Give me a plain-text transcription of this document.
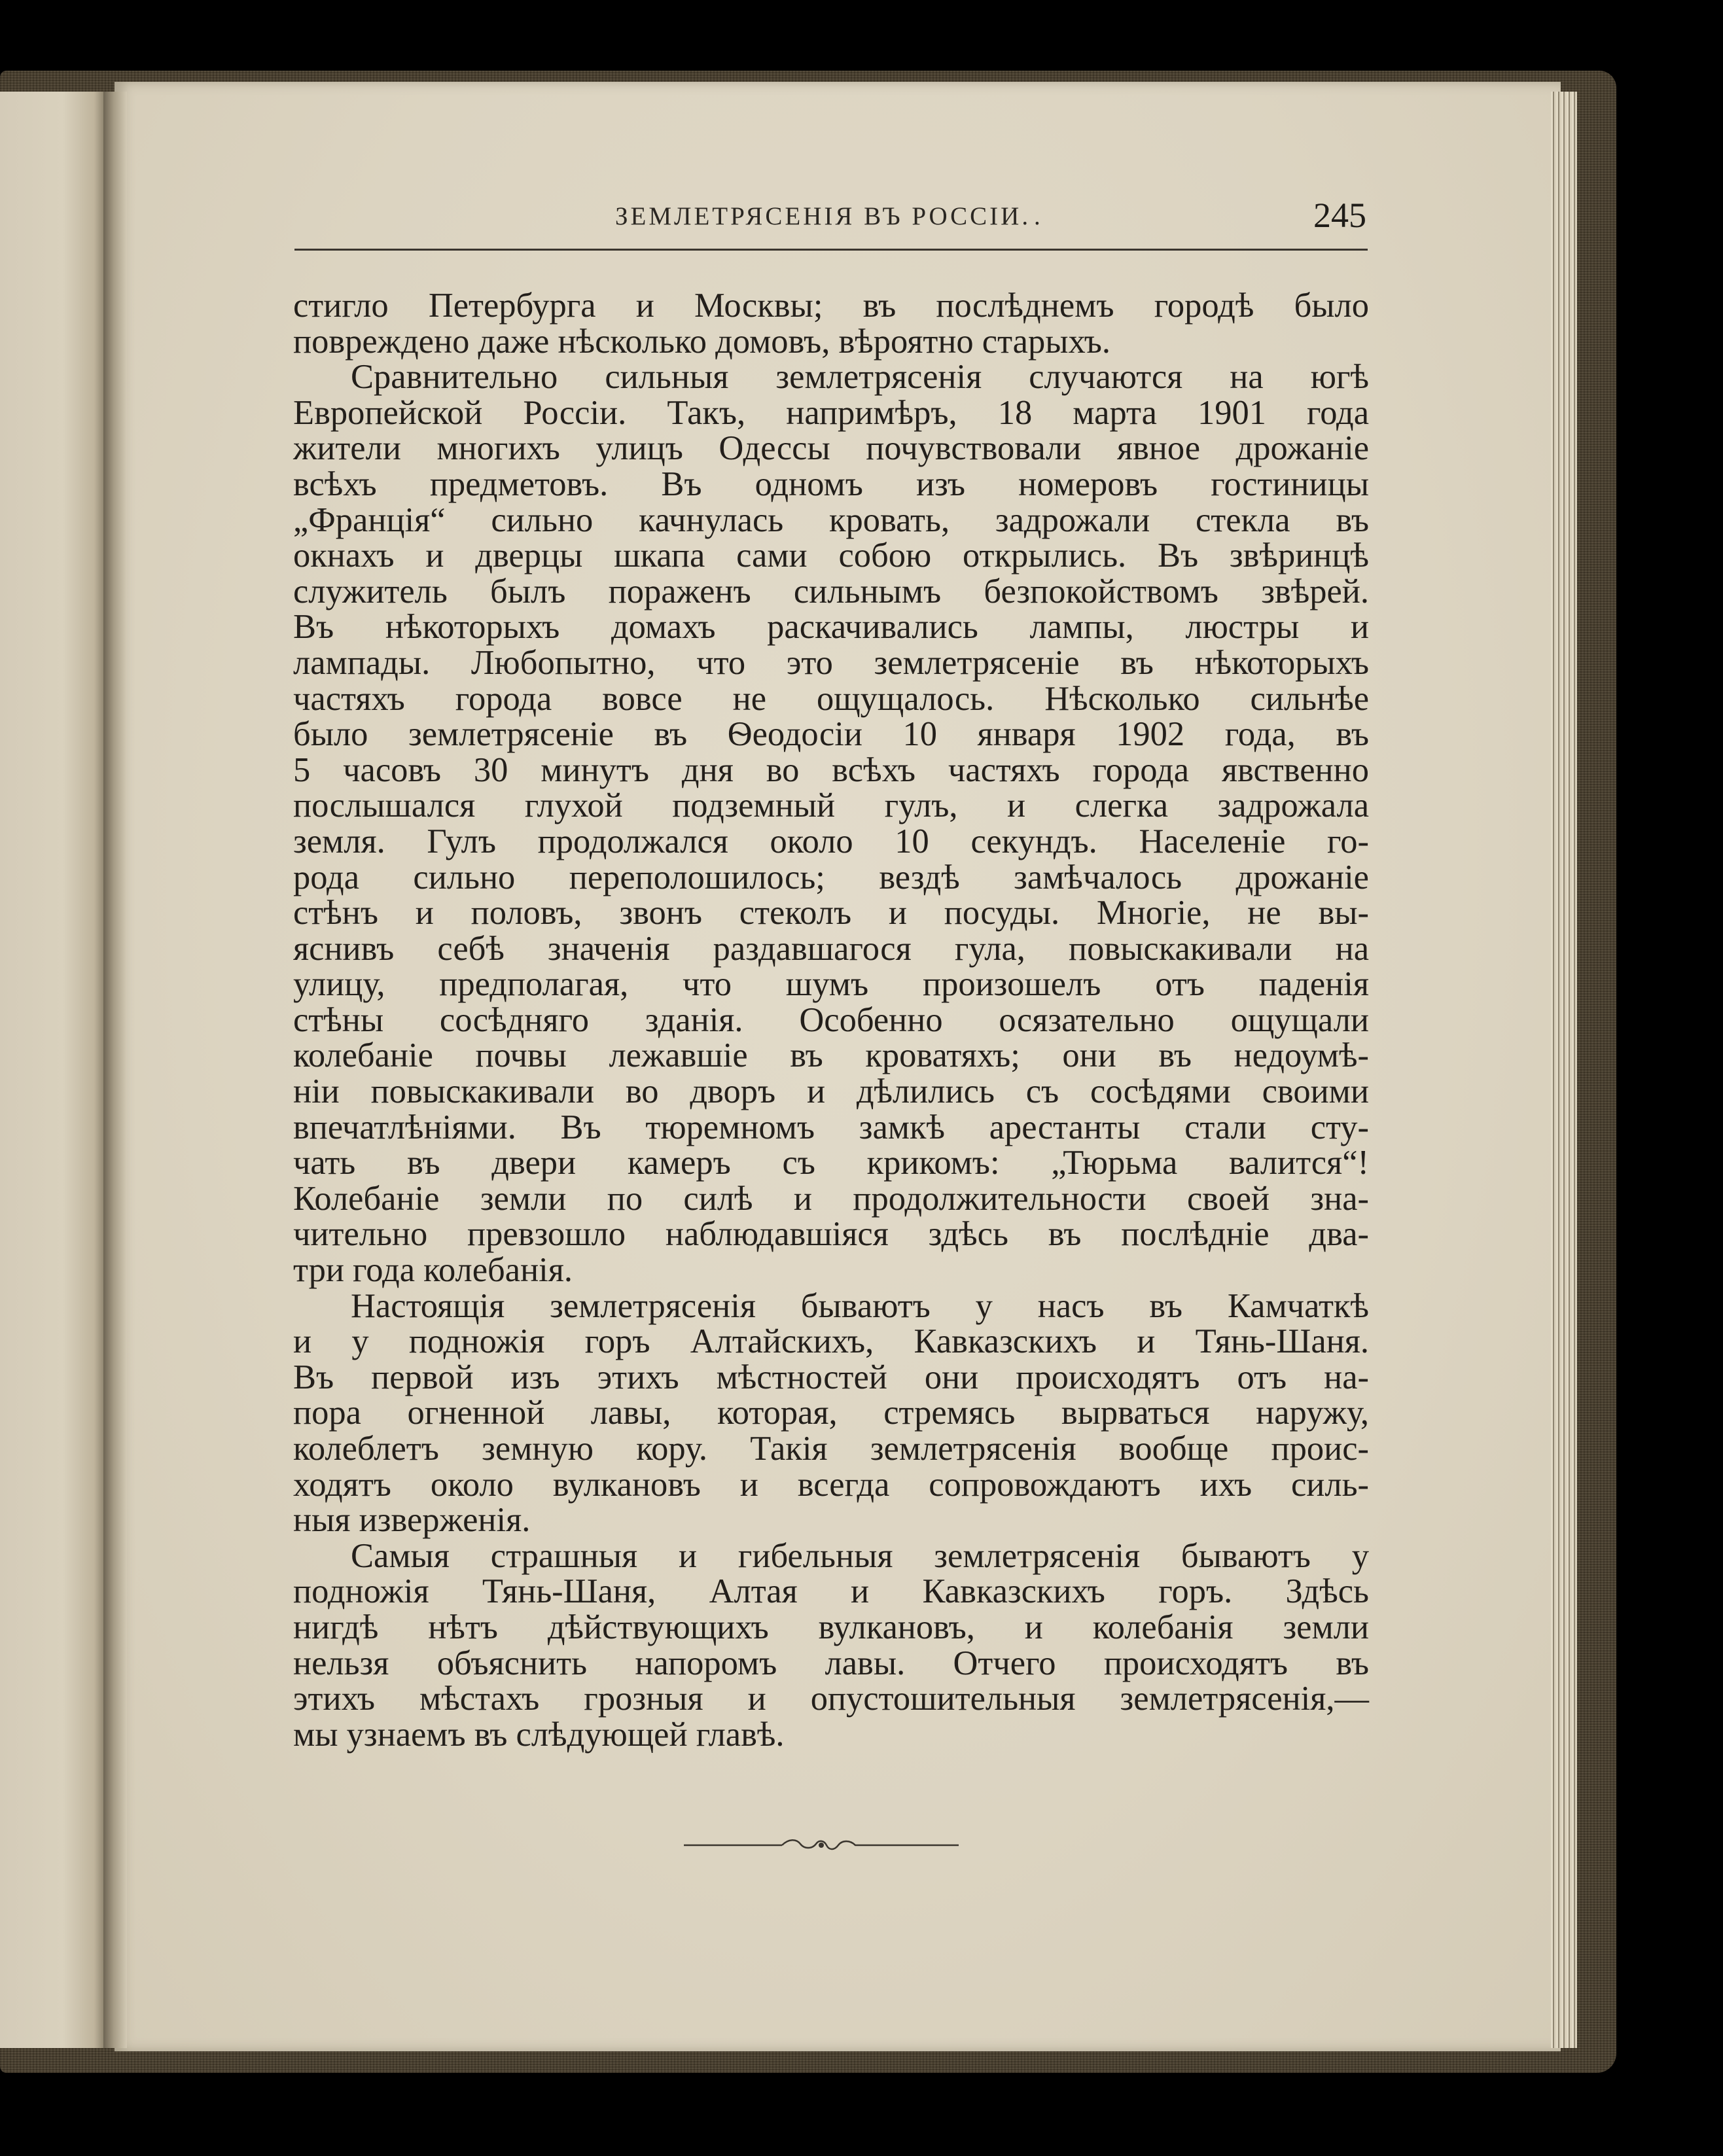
ЗЕМЛЕТРЯСЕНІЯ ВЪ РОССІИ. .	245
стигло Петербурга и Москвы; въ послѣднемъ городѣ было
повреждено даже нѣсколько домовъ, вѣроятно старыхъ.
Сравнительно сильныя землетрясенія случаются на югѣ
Европейской Россіи. Такъ, напримѣръ, 18 марта 1901 года
жители многихъ улицъ Одессы почувствовали явное дрожаніе
всѣхъ предметовъ. Въ одномъ изъ номеровъ гостиницы
„Франція“ сильно качнулась кровать, задрожали стекла въ
окнахъ и дверцы шкапа сами собою открылись. Въ звѣринцѣ
служитель былъ пораженъ сильнымъ безпокойствомъ звѣрей.
Въ нѣкоторыхъ домахъ раскачивались лампы, люстры и
лампады. Любопытно, что это землетрясеніе въ нѣкоторыхъ
частяхъ города вовсе не ощущалось. Нѣсколько сильнѣе
было землетрясеніе въ Ѳеодосіи 10 января 1902 года, въ
5 часовъ 30 минутъ дня во всѣхъ частяхъ города явственно
послышался глухой подземный гулъ, и слегка задрожала
земля. Гулъ продолжался около 10 секундъ. Населеніе го-
рода сильно переполошилось; вездѣ замѣчалось дрожаніе
стѣнъ и половъ, звонъ стеколъ и посуды. Многіе, не вы-
яснивъ себѣ значенія раздавшагося гула, повыскакивали на
улицу, предполагая, что шумъ произошелъ отъ паденія
стѣны сосѣдняго зданія. Особенно осязательно ощущали
колебаніе почвы лежавшіе въ кроватяхъ; они въ недоумѣ-
ніи повыскакивали во дворъ и дѣлились съ сосѣдями своими
впечатлѣніями. Въ тюремномъ замкѣ арестанты стали сту-
чать въ двери камеръ съ крикомъ: „Тюрьма валится“!
Колебаніе земли по силѣ и продолжительности своей зна-
чительно превзошло наблюдавшіяся здѣсь въ послѣдніе два-
три года колебанія.
Настоящія землетрясенія бываютъ у насъ въ Камчаткѣ
и у подножія горъ Алтайскихъ, Кавказскихъ и Тянь-Шаня.
Въ первой изъ этихъ мѣстностей они происходятъ отъ на-
пора огненной лавы, которая, стремясь вырваться наружу,
колеблетъ земную кору. Такія землетрясенія вообще проис-
ходятъ около вулкановъ и всегда сопровождаютъ ихъ силь-
ныя изверженія.
Самыя страшныя и гибельныя землетрясенія бываютъ у
подножія Тянь-Шаня, Алтая и Кавказскихъ горъ. Здѣсь
нигдѣ нѣтъ дѣйствующихъ вулкановъ, и колебанія земли
нельзя объяснить напоромъ лавы. Отчего происходятъ въ
этихъ мѣстахъ грозныя и опустошительныя землетрясенія,—
мы узнаемъ въ слѣдующей главѣ.
